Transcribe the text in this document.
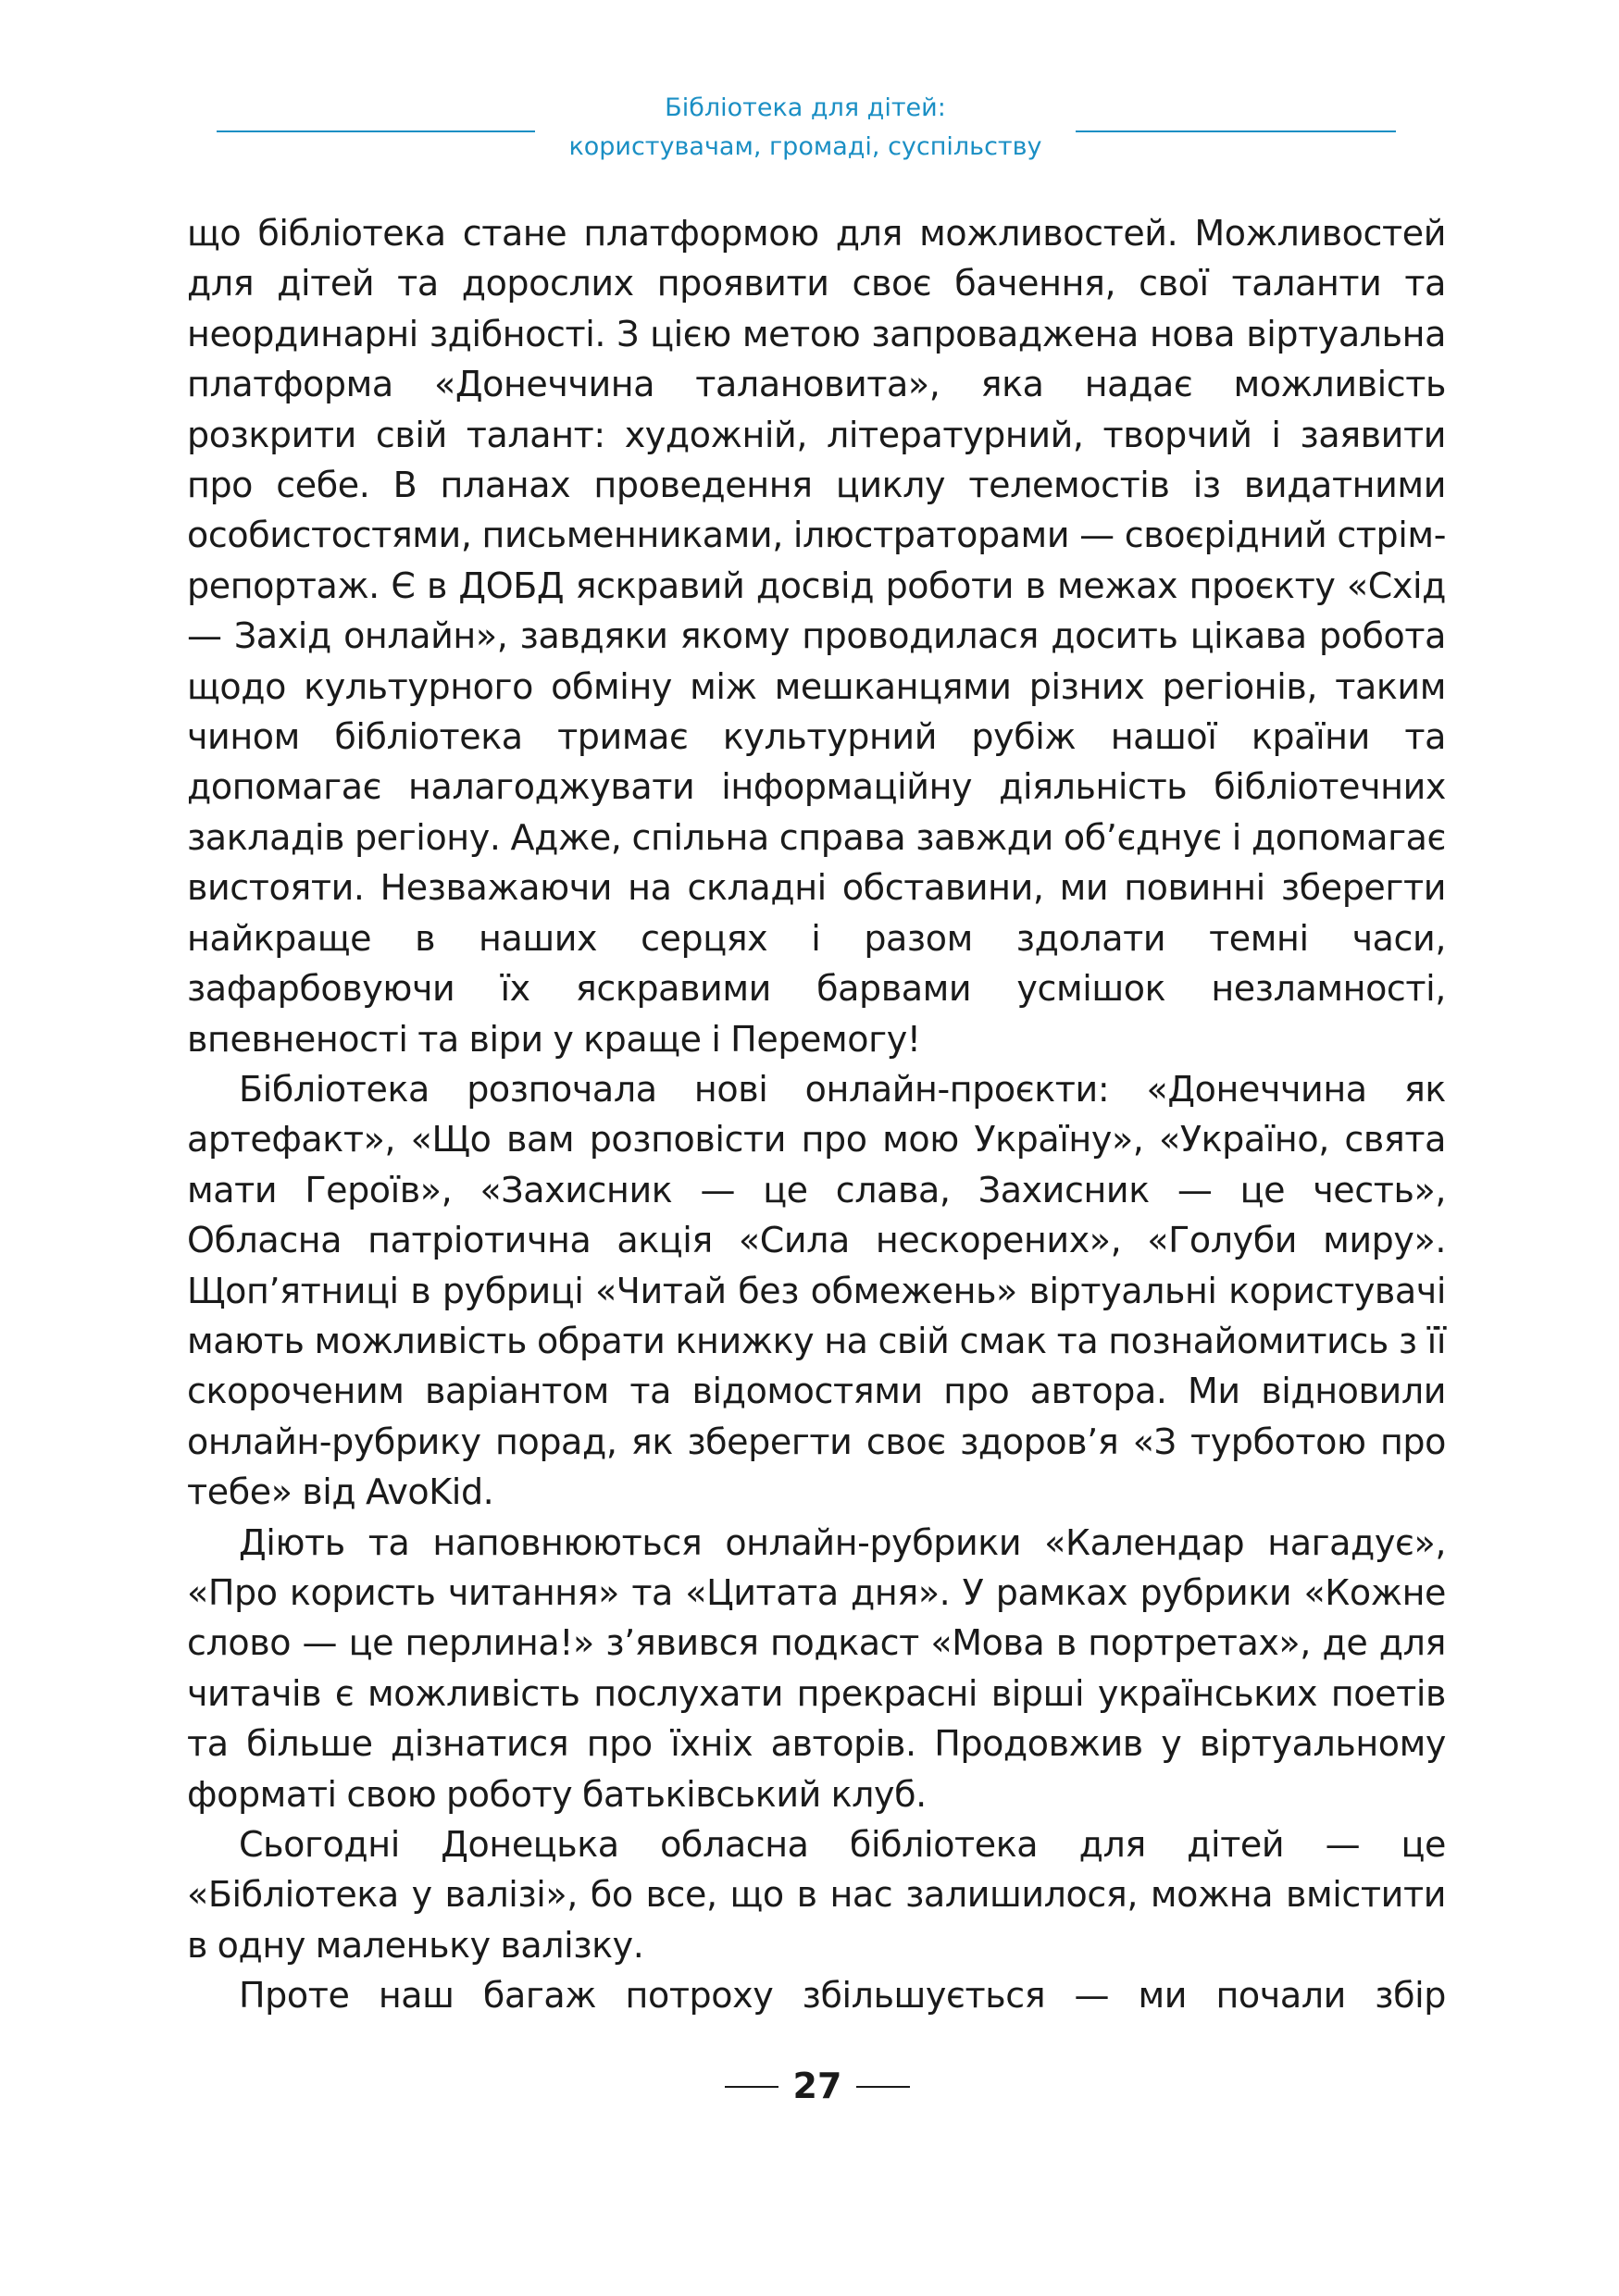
Бібліотека для дітей:
користувачам, громаді, суспільству

що бібліотека стане платформою для можливостей. Можливостей для дітей та дорослих проявити своє бачення, свої таланти та неординарні здібності. З цією метою запроваджена нова віртуальна платформа «Донеччина талановита», яка надає можливість розкрити свій талант: художній, літературний, творчий і заявити про себе. В планах проведення циклу телемостів із видатними особистостями, письменниками, ілюстраторами — своєрідний стрім-репортаж. Є в ДОБД яскравий досвід роботи в межах проєкту «Схід — Захід онлайн», завдяки якому проводилася досить цікава робота щодо культурного обміну між мешканцями різних регіонів, таким чином бібліотека тримає культурний рубіж нашої країни та допомагає налагоджувати інформаційну діяльність бібліотечних закладів регіону. Адже, спільна справа завжди об’єднує і допомагає вистояти. Незважаючи на складні обставини, ми повинні зберегти найкраще в наших серцях і разом здолати темні часи, зафарбовуючи їх яскравими барвами усмішок незламності, впевненості та віри у краще і Перемогу!

Бібліотека розпочала нові онлайн-проєкти: «Донеччина як артефакт», «Що вам розповісти про мою Україну», «Україно, свята мати Героїв», «Захисник — це слава, Захисник — це честь», Обласна патріотична акція «Сила нескорених», «Голуби миру». Щоп’ятниці в рубриці «Читай без обмежень» віртуальні користувачі мають можливість обрати книжку на свій смак та познайомитись з її скороченим варіантом та відомостями про автора. Ми відновили онлайн-рубрику порад, як зберегти своє здоров’я «З турботою про тебе» від AvoKid.

Діють та наповнюються онлайн-рубрики «Календар нагадує», «Про користь читання» та «Цитата дня». У рамках рубрики «Кожне слово — це перлина!» з’явився подкаст «Мова в портретах», де для читачів є можливість послухати прекрасні вірші українських поетів та більше дізнатися про їхніх авторів. Продовжив у віртуальному форматі свою роботу батьківський клуб.

Сьогодні Донецька обласна бібліотека для дітей — це «Бібліотека у валізі», бо все, що в нас залишилося, можна вмістити в одну маленьку валізку.

Проте наш багаж потроху збільшується — ми почали збір

27
